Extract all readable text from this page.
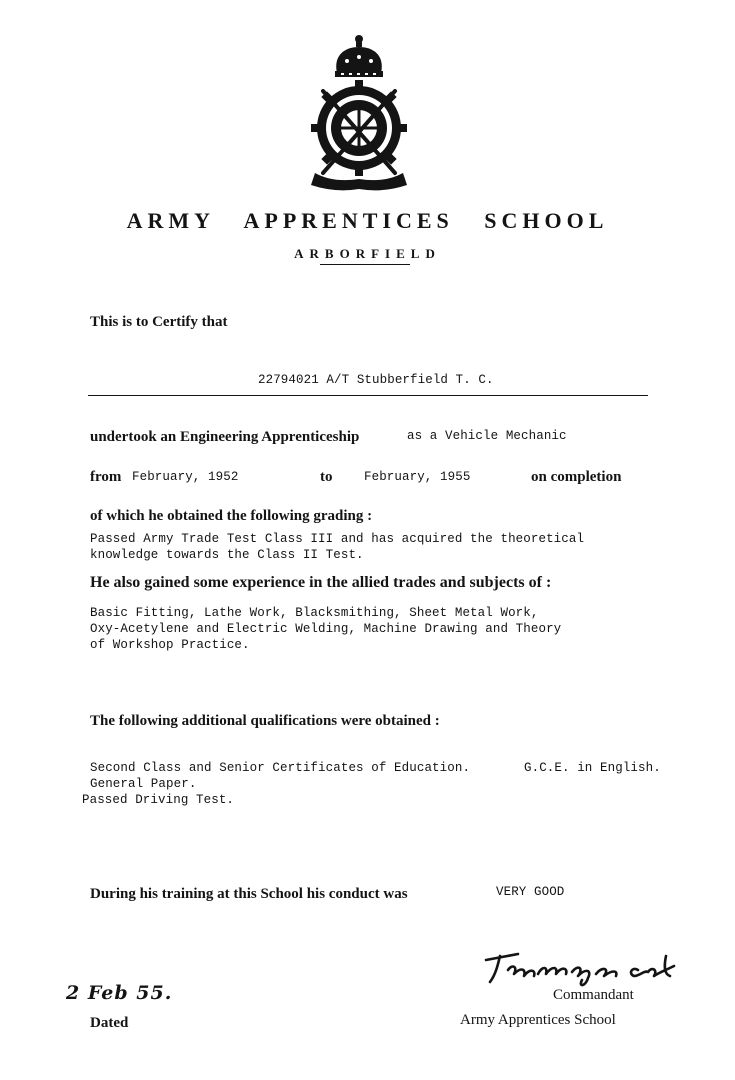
ARMY APPRENTICES SCHOOL
ARBORFIELD
This is to Certify that
22794021 A/T Stubberfield T. C.
undertook an Engineering Apprenticeship	as a Vehicle Mechanic
from February, 1952	to	February, 1955	on completion
of which he obtained the following grading :
Passed Army Trade Test Class III and has acquired the theoretical
knowledge towards the Class II Test.
He also gained some experience in the allied trades and subjects of :
Basic Fitting, Lathe Work, Blacksmithing, Sheet Metal Work,
Oxy-Acetylene and Electric Welding, Machine Drawing and Theory
of Workshop Practice.
The following additional qualifications were obtained :
Second Class and Senior Certificates of Education.	G.C.E. in English.
General Paper.
Passed Driving Test.
During his training at this School his conduct was	VERY GOOD
Fmassey Col
Commandant
Army Apprentices School
2 Feb 55.
Dated
